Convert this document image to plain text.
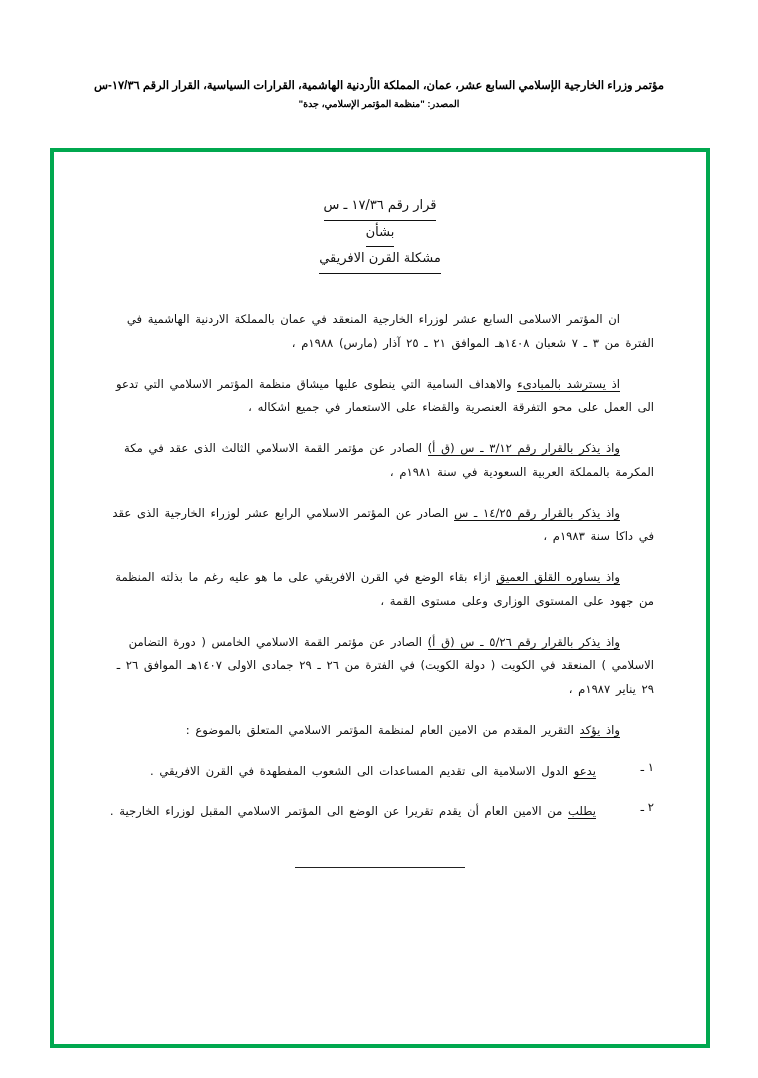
مؤتمر وزراء الخارجية الإسلامي السابع عشر، عمان، المملكة الأردنية الهاشمية، القرارات السياسية، القرار الرقم ١٧/٣٦-س
المصدر: "منظمة المؤتمر الإسلامي، جدة"
قرار رقم ١٧/٣٦ ـ س
بشأن
مشكلة القرن الافريقي

ان المؤتمر الاسلامى السابع عشر لوزراء الخارجية المنعقد في عمان بالمملكة الاردنية الهاشمية في الفترة من ٣ ـ ٧ شعبان ١٤٠٨هـ الموافق ٢١ ـ ٢٥ آذار (مارس) ١٩٨٨م ،

اذ يسترشد بالمبادىء والاهداف السامية التي ينطوى عليها ميشاق منظمة المؤتمر الاسلامي التي تدعو الى العمل على محو التفرقة العنصرية والقضاء على الاستعمار في جميع اشكاله ،

واذ يذكر بالقرار رقم ٣/١٢ ـ س (ق أ) الصادر عن مؤتمر القمة الاسلامي الثالث الذى عقد في مكة المكرمة بالمملكة العربية السعودية في سنة ١٩٨١م ،

واذ يذكر بالقرار رقم ١٤/٢٥ ـ س الصادر عن المؤتمر الاسلامي الرابع عشر لوزراء الخارجية الذى عقد في داكا سنة ١٩٨٣م ،

واذ يساوره القلق العميق ازاء بقاء الوضع في القرن الافريقي على ما هو عليه رغم ما بذلته المنظمة من جهود على المستوى الوزارى وعلى مستوى القمة ،

واذ يذكر بالقرار رقم ٥/٢٦ ـ س (ق أ) الصادر عن مؤتمر القمة الاسلامي الخامس ( دورة التضامن الاسلامي ) المنعقد في الكويت ( دولة الكويت) في الفترة من ٢٦ ـ ٢٩ جمادى الاولى ١٤٠٧هـ الموافق ٢٦ ـ ٢٩ يناير ١٩٨٧م ،

واذ يؤكد التقرير المقدم من الامين العام لمنظمة المؤتمر الاسلامي المتعلق بالموضوع :

١ ـ
يدعو الدول الاسلامية الى تقديم المساعدات الى الشعوب المفطهدة في القرن الافريقي .
٢ ـ
يطلب من الامين العام أن يقدم تقريرا عن الوضع الى المؤتمر الاسلامي المقبل لوزراء الخارجية .
